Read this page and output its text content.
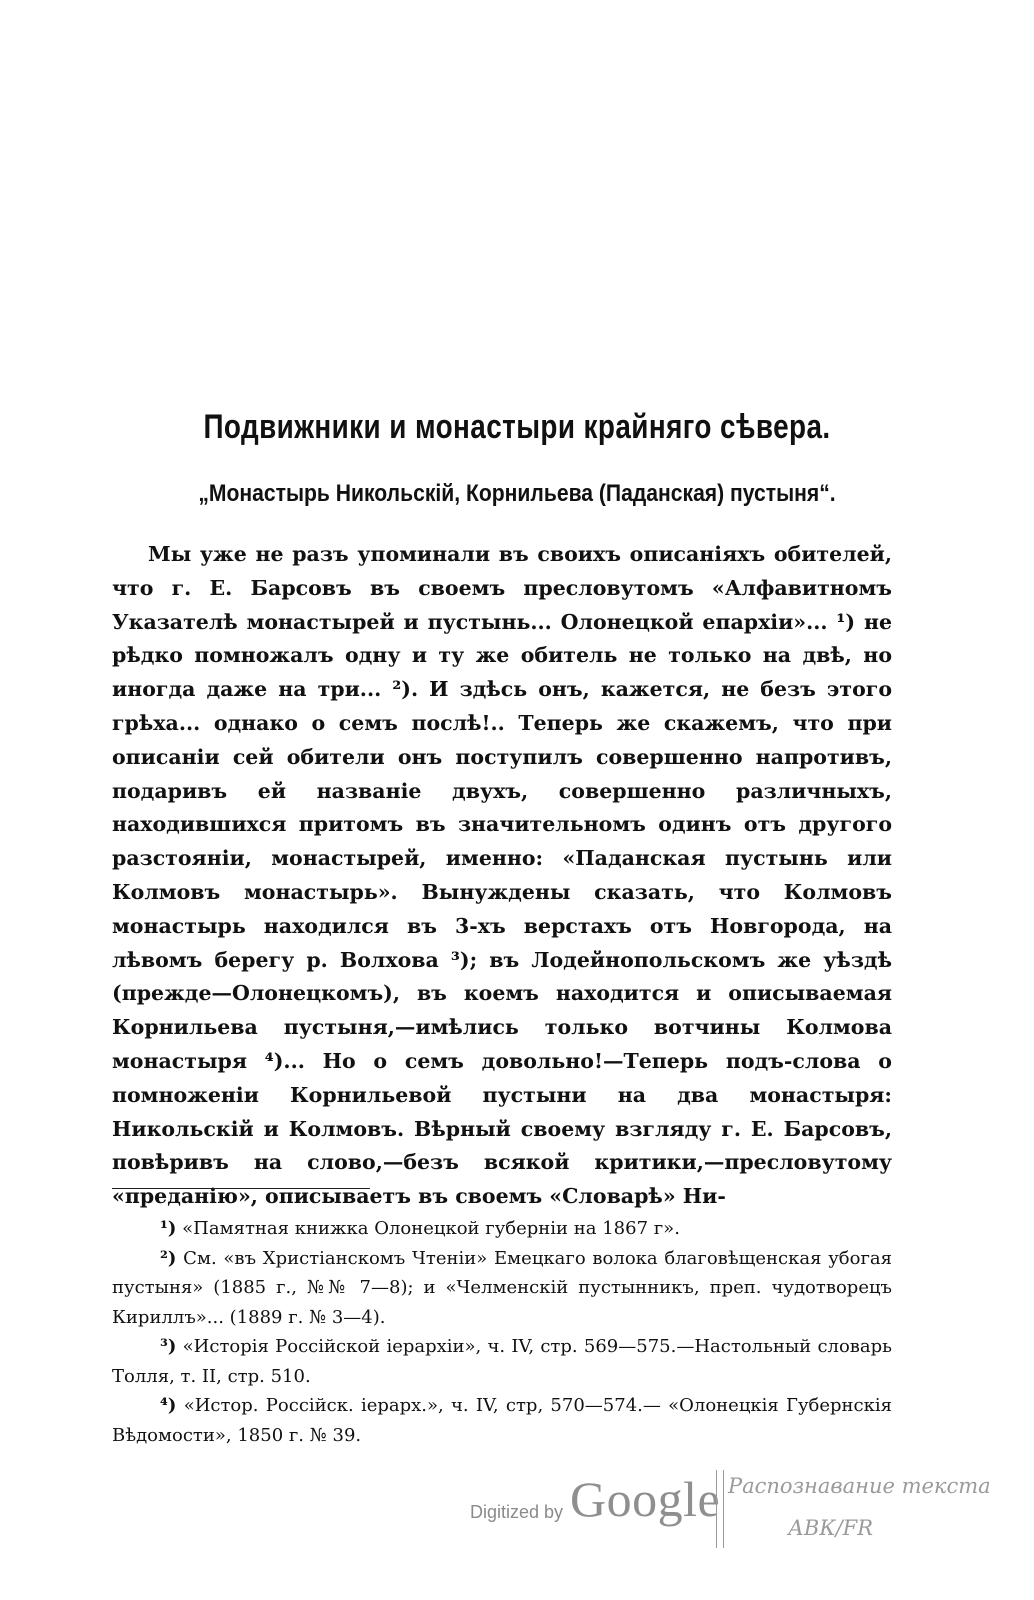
Подвижники и монастыри крайняго сѣвера.
„Монастырь Никольскій, Корнильева (Паданская) пустыня“.

Мы уже не разъ упоминали въ своихъ описаніяхъ обителей, что г. Е. Барсовъ въ своемъ пресловутомъ «Алфавитномъ Указателѣ монастырей и пустынь... Олонецкой епархіи»... ¹) не рѣдко помножалъ одну и ту же обитель не только на двѣ, но иногда даже на три... ²). И здѣсь онъ, кажется, не безъ этого грѣха... однако о семъ послѣ!.. Теперь же скажемъ, что при описаніи сей обители онъ поступилъ совершенно напротивъ, подаривъ ей названіе двухъ, совершенно различныхъ, находившихся притомъ въ значительномъ одинъ отъ другого разстояніи, монастырей, именно: «Паданская пустынь или Колмовъ монастырь». Вынуждены сказать, что Колмовъ монастырь находился въ 3-хъ верстахъ отъ Новгорода, на лѣвомъ берегу р. Волхова ³); въ Лодейнопольскомъ же уѣздѣ (прежде—Олонецкомъ), въ коемъ находится и описываемая Корнильева пустыня,—имѣлись только вотчины Колмова монастыря ⁴)... Но о семъ довольно!—Теперь подъ-слова о помноженіи Корнильевой пустыни на два монастыря: Никольскій и Колмовъ. Вѣрный своему взгляду г. Е. Барсовъ, повѣривъ на слово,—безъ всякой критики,—пресловутому «преданію», описываетъ въ своемъ «Словарѣ» Ни-

¹) «Памятная книжка Олонецкой губерніи на 1867 г».

²) См. «въ Христіанскомъ Чтеніи» Емецкаго волока благовѣщенская убогая пустыня» (1885 г., №№ 7—8); и «Челменскій пустынникъ, преп. чудотворецъ Кириллъ»... (1889 г. № 3—4).

³) «Исторія Россійской іерархіи», ч. IV, стр. 569—575.—Настольный словарь Толля, т. II, стр. 510.

⁴) «Истор. Россійск. іерарх.», ч. IV, стр, 570—574.— «Олонецкія Губернскія Вѣдомости», 1850 г. № 39.

Digitized by Google Распознавание текста
АВК/FR
